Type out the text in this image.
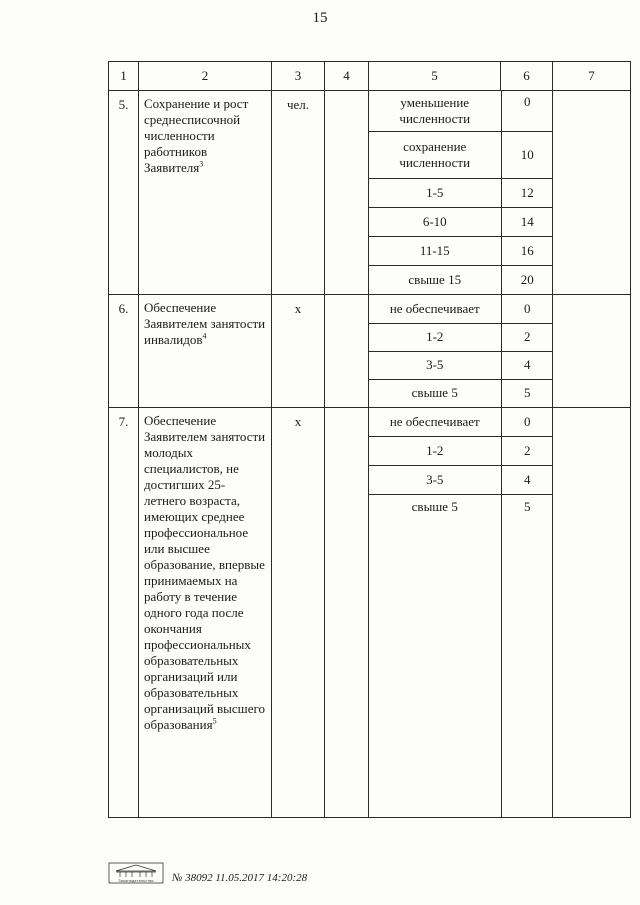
15
1	2	3	4	5	6	7
5.	Сохранение и рост среднесписочной численности работников Заявителя$^3$	чел.			уменьшение численности	0
сохранение численности	10
1-5	12
6-10	14
11-15	16
свыше 15	20

6.	Обеспечение Заявителем занятости инвалидов$^4$	х			не обеспечивает	0
1-2	2
3-5	4
свыше 5	5

7.	Обеспечение Заявителем занятости молодых специалистов, не достигших 25-летнего возраста, имеющих среднее профессиональное или высшее образование, впервые принимаемых на работу в течение одного года после окончания профессиональных образовательных организаций или образовательных организаций высшего образования$^5$	х			не обеспечивает	0
1-2	2
3-5	4
свыше 5	5

Законодательство № 38092 11.05.2017 14:20:28
